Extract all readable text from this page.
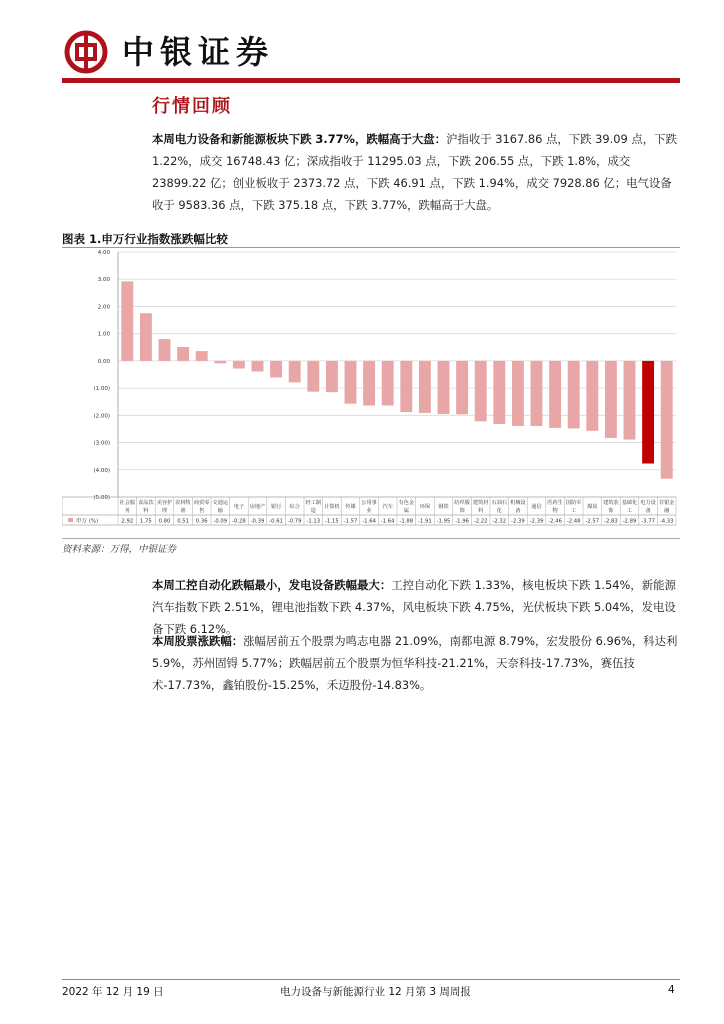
中银证券
行情回顾

本周电力设备和新能源板块下跌 3.77%，跌幅高于大盘：沪指收于 3167.86 点，下跌 39.09 点，下跌 1.22%，成交 16748.43 亿；深成指收于 11295.03 点，下跌 206.55 点，下跌 1.8%，成交 23899.22 亿；创业板收于 2373.72 点，下跌 46.91 点，下跌 1.94%，成交 7928.86 亿；电气设备收于 9583.36 点，下跌 375.18 点，下跌 3.77%，跌幅高于大盘。

图表 1.申万行业指数涨跌幅比较
4.00
3.00
2.00
1.00
0.00
(1.00)
(2.00)
(3.00)
(4.00)
(5.00)
申万 (%)
社会服
务
2.92
食品饮
料
1.75
美容护
理
0.80
农林牧
渔
0.51
商贸零
售
0.36
交通运
输
-0.09
电子
-0.28
房地产
-0.39
银行
-0.61
综合
-0.79
轻工制
造
-1.13
计算机
-1.15
传媒
-1.57
公用事
业
-1.64
汽车
-1.64
有色金
属
-1.88
环保
-1.91
钢铁
-1.95
纺织服
饰
-1.96
建筑材
料
-2.22
石油石
化
-2.32
机械设
备
-2.39
通信
-2.39
医药生
物
-2.46
国防军
工
-2.48
煤炭
-2.57
建筑装
饰
-2.83
基础化
工
-2.89
电力设
备
-3.77
非银金
融
-4.33
资料来源：万得，中银证券

本周工控自动化跌幅最小，发电设备跌幅最大：工控自动化下跌 1.33%，核电板块下跌 1.54%，新能源汽车指数下跌 2.51%，锂电池指数下跌 4.37%，风电板块下跌 4.75%，光伏板块下跌 5.04%，发电设备下跌 6.12%。

本周股票涨跌幅：涨幅居前五个股票为鸣志电器 21.09%，南都电源 8.79%，宏发股份 6.96%，科达利 5.9%，苏州固锝 5.77%；跌幅居前五个股票为恒华科技-21.21%，天奈科技-17.73%，赛伍技术-17.73%，鑫铂股份-15.25%，禾迈股份-14.83%。

2022 年 12 月 19 日	电力设备与新能源行业 12 月第 3 周周报	4
